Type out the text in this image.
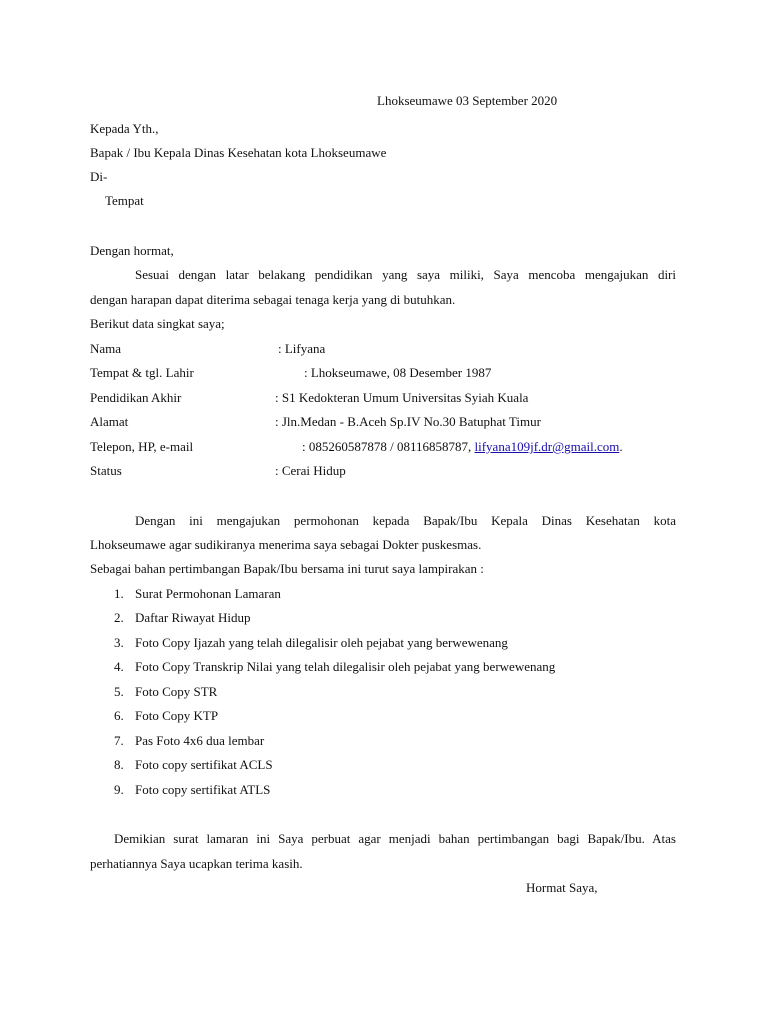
Lhokseumawe 03 September 2020
Kepada Yth.,
Bapak / Ibu Kepala Dinas Kesehatan kota Lhokseumawe
Di-
Tempat
Dengan hormat,
Sesuai dengan latar belakang pendidikan yang saya miliki, Saya mencoba mengajukan diri
dengan harapan dapat diterima sebagai tenaga kerja yang di butuhkan.
Berikut data singkat saya;
Nama	: Lifyana
Tempat & tgl. Lahir	: Lhokseumawe, 08 Desember 1987
Pendidikan Akhir	: S1 Kedokteran Umum Universitas Syiah Kuala
Alamat	: Jln.Medan - B.Aceh Sp.IV No.30 Batuphat Timur
Telepon, HP, e-mail	: 085260587878 / 08116858787, lifyana109jf.dr@gmail.com.
Status	: Cerai Hidup
Dengan ini mengajukan permohonan kepada Bapak/Ibu Kepala Dinas Kesehatan kota
Lhokseumawe agar sudikiranya menerima saya sebagai Dokter puskesmas.
Sebagai bahan pertimbangan Bapak/Ibu bersama ini turut saya lampirakan :
1. Surat Permohonan Lamaran
2. Daftar Riwayat Hidup
3. Foto Copy Ijazah yang telah dilegalisir oleh pejabat yang berwewenang
4. Foto Copy Transkrip Nilai yang telah dilegalisir oleh pejabat yang berwewenang
5. Foto Copy STR
6. Foto Copy KTP
7. Pas Foto 4x6 dua lembar
8. Foto copy sertifikat ACLS
9. Foto copy sertifikat ATLS
Demikian surat lamaran ini Saya perbuat agar menjadi bahan pertimbangan bagi Bapak/Ibu. Atas
perhatiannya Saya ucapkan terima kasih.
Hormat Saya,
